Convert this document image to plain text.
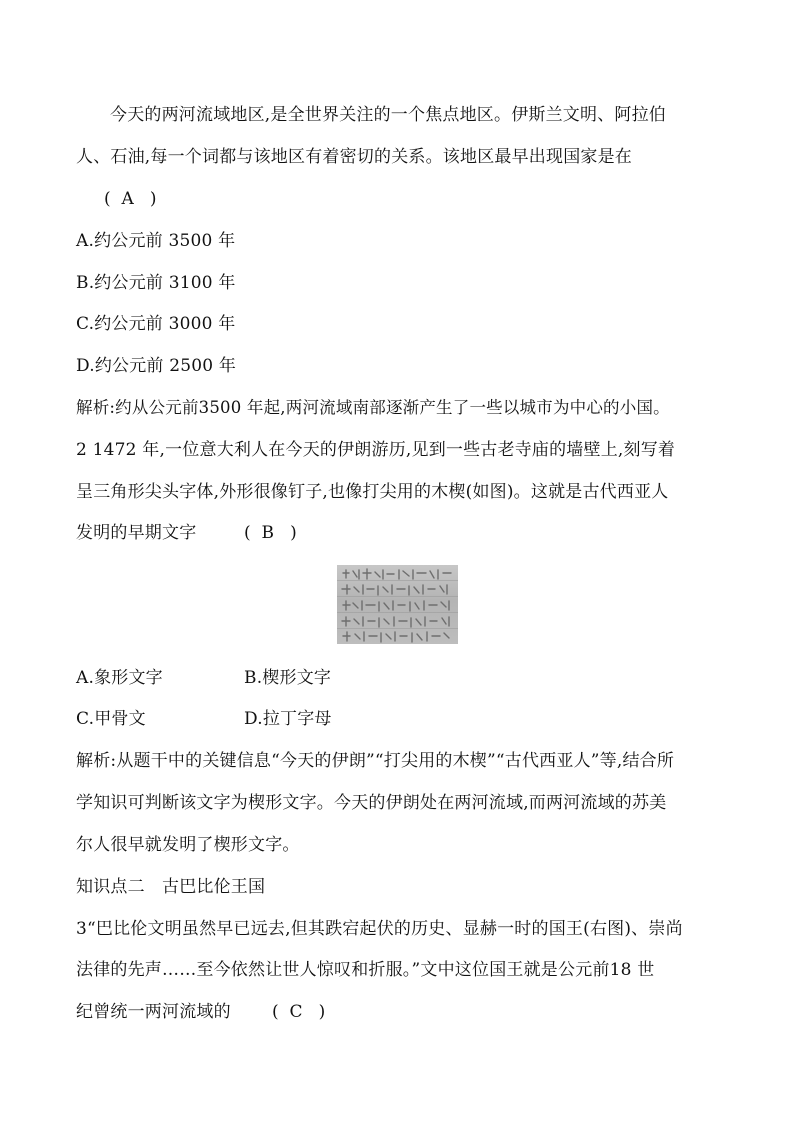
今天的两河流域地区,是全世界关注的一个焦点地区。伊斯兰文明、阿拉伯
人、石油,每一个词都与该地区有着密切的关系。该地区最早出现国家是在
(  A   )
A.约公元前 3500 年
B.约公元前 3100 年
C.约公元前 3000 年
D.约公元前 2500 年
解析:约从公元前3500 年起,两河流域南部逐渐产生了一些以城市为中心的小国。
2 1472 年,一位意大利人在今天的伊朗游历,见到一些古老寺庙的墙壁上,刻写着
呈三角形尖头字体,外形很像钉子,也像打尖用的木楔(如图)。这就是古代西亚人
发明的早期文字	(  B   )
A.象形文字	B.楔形文字
C.甲骨文	D.拉丁字母
解析:从题干中的关键信息“今天的伊朗”“打尖用的木楔”“古代西亚人”等,结合所
学知识可判断该文字为楔形文字。今天的伊朗处在两河流域,而两河流域的苏美
尔人很早就发明了楔形文字。
知识点二　古巴比伦王国
3“巴比伦文明虽然早已远去,但其跌宕起伏的历史、显赫一时的国王(右图)、崇尚
法律的先声……至今依然让世人惊叹和折服。”文中这位国王就是公元前18 世
纪曾统一两河流域的 (  C   )
